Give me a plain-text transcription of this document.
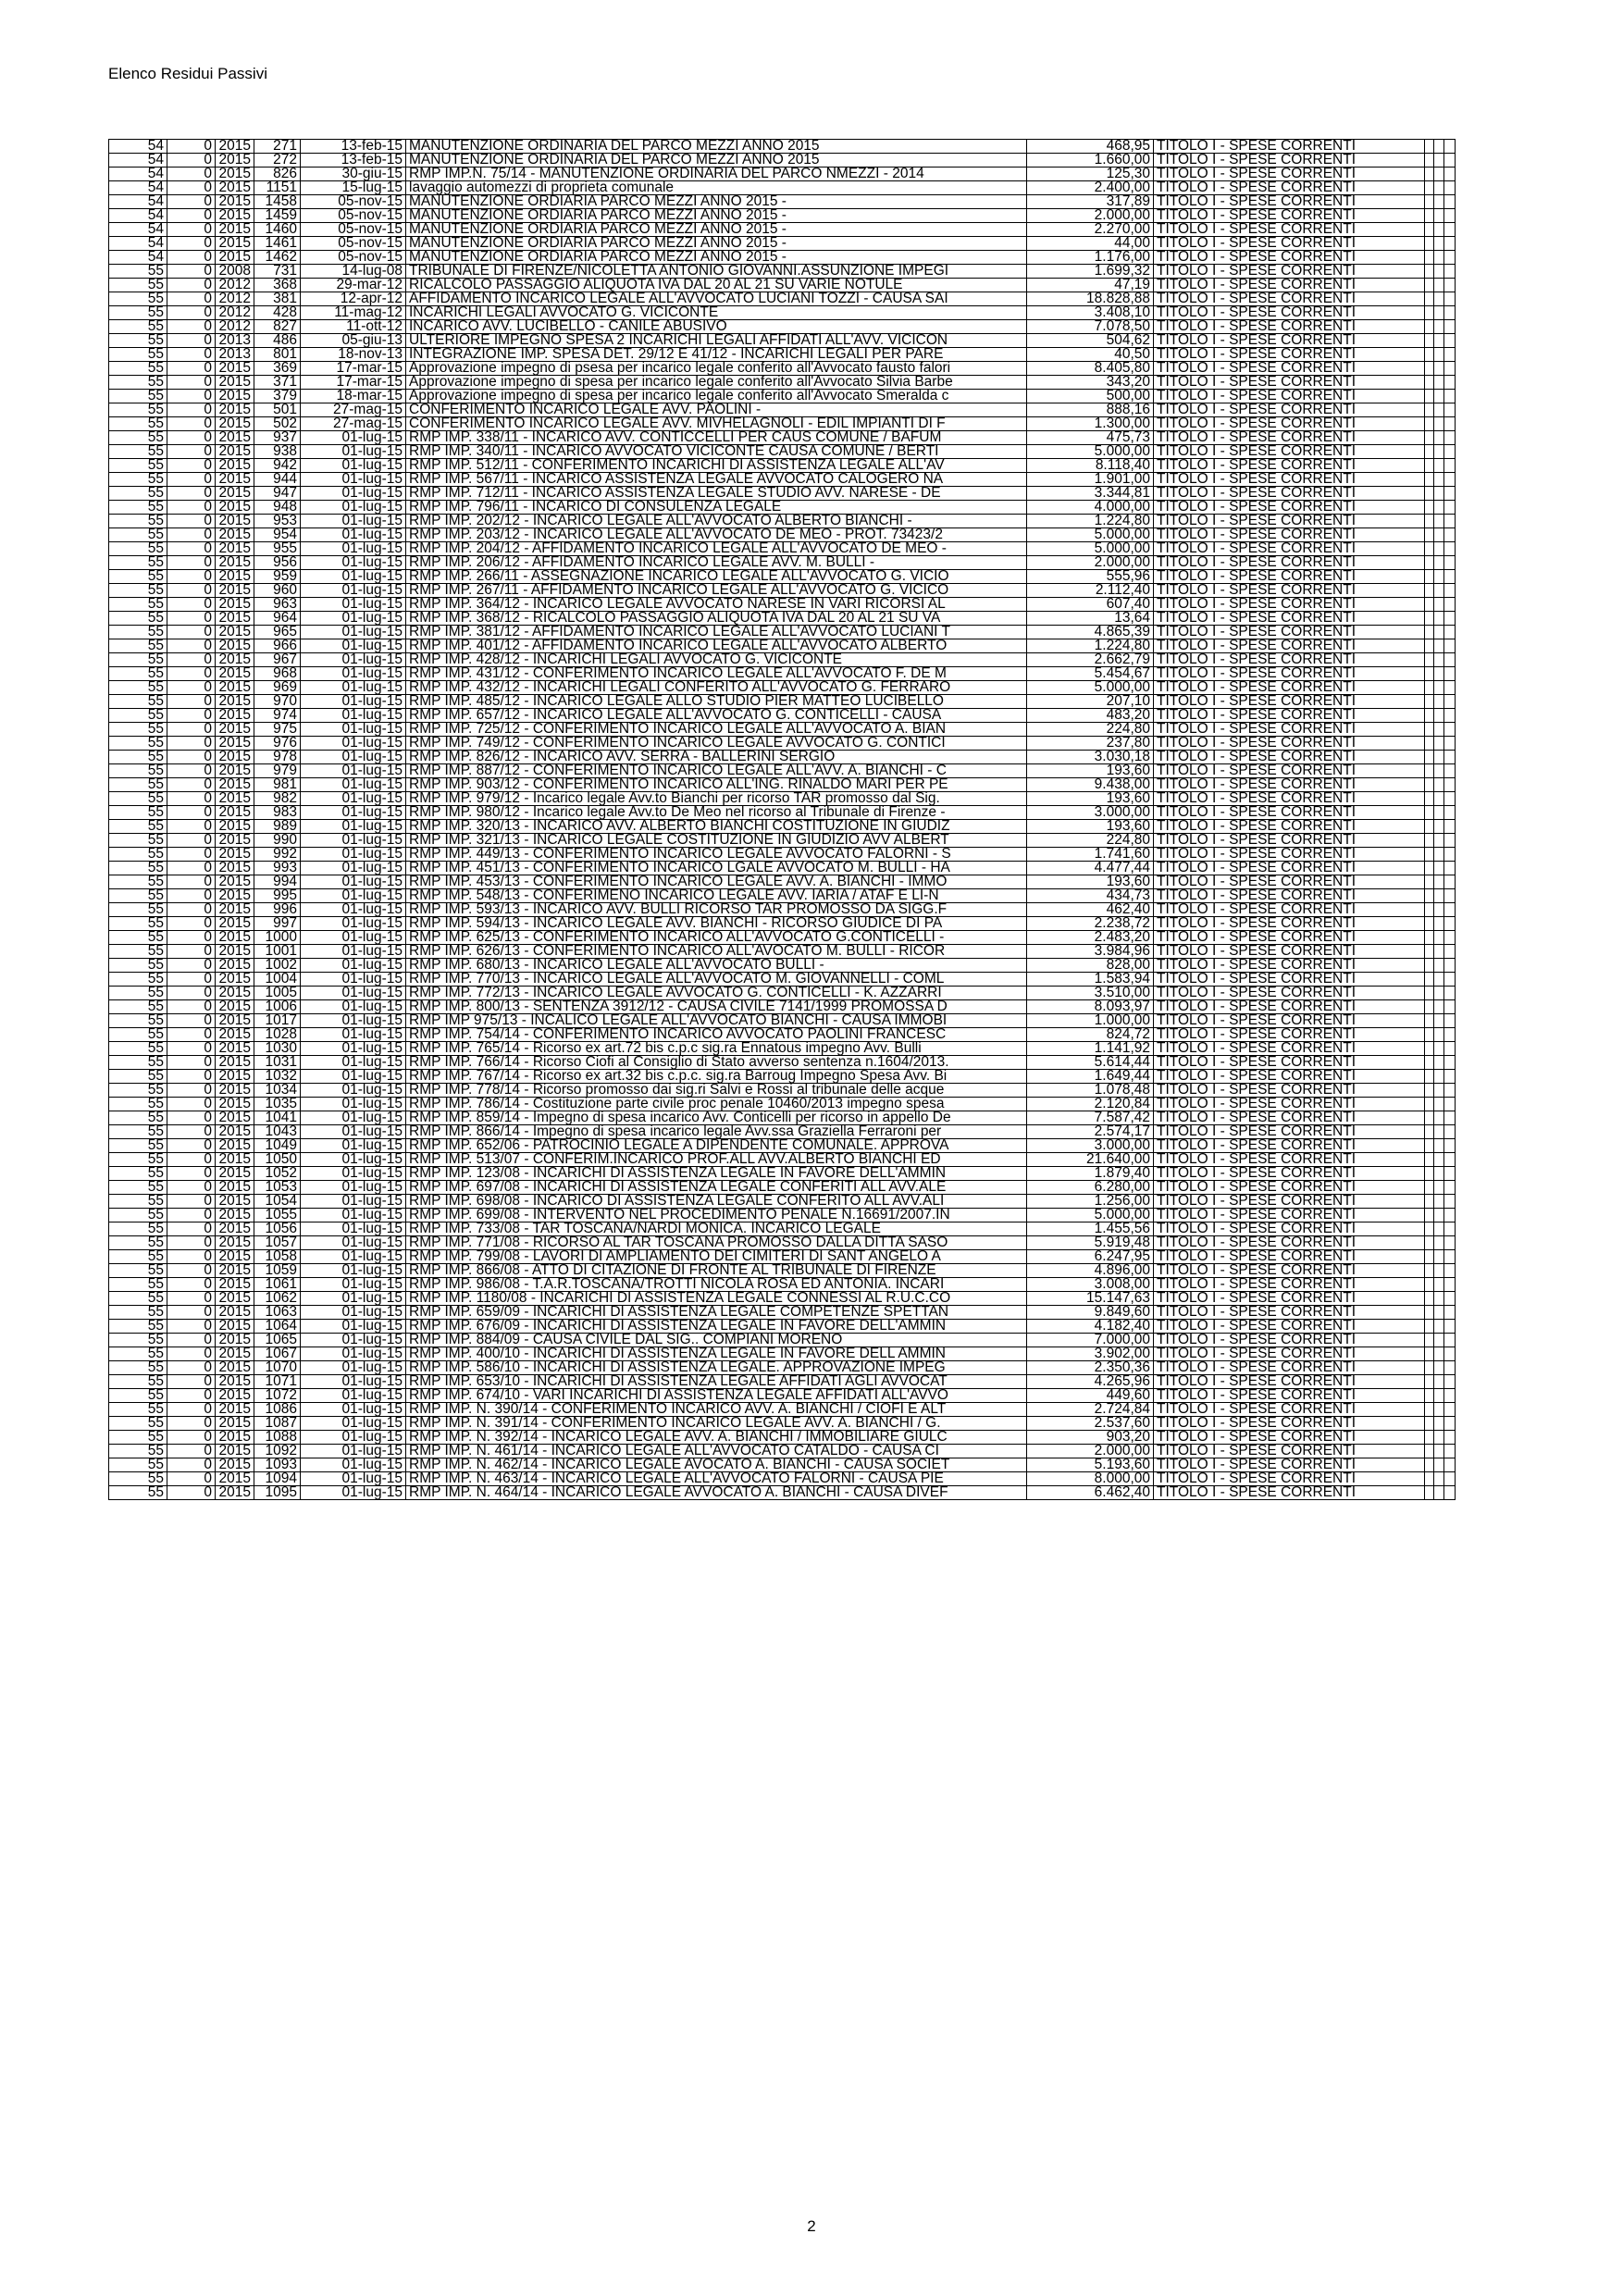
Elenco Residui Passivi
54	0	2015	271	13-feb-15	MANUTENZIONE ORDINARIA DEL PARCO MEZZI ANNO 2015	468,95	TITOLO I - SPESE CORRENTI			
54	0	2015	272	13-feb-15	MANUTENZIONE ORDINARIA DEL PARCO MEZZI ANNO 2015	1.660,00	TITOLO I - SPESE CORRENTI			
54	0	2015	826	30-giu-15	RMP IMP.N. 75/14 - MANUTENZIONE ORDINARIA DEL PARCO NMEZZI - 2014	125,30	TITOLO I - SPESE CORRENTI			
54	0	2015	1151	15-lug-15	lavaggio automezzi di proprieta comunale	2.400,00	TITOLO I - SPESE CORRENTI			
54	0	2015	1458	05-nov-15	MANUTENZIONE ORDIARIA PARCO MEZZI ANNO 2015 -	317,89	TITOLO I - SPESE CORRENTI			
54	0	2015	1459	05-nov-15	MANUTENZIONE ORDIARIA PARCO MEZZI ANNO 2015 -	2.000,00	TITOLO I - SPESE CORRENTI			
54	0	2015	1460	05-nov-15	MANUTENZIONE ORDIARIA PARCO MEZZI ANNO 2015 -	2.270,00	TITOLO I - SPESE CORRENTI			
54	0	2015	1461	05-nov-15	MANUTENZIONE ORDIARIA PARCO MEZZI ANNO 2015 -	44,00	TITOLO I - SPESE CORRENTI			
54	0	2015	1462	05-nov-15	MANUTENZIONE ORDIARIA PARCO MEZZI ANNO 2015 -	1.176,00	TITOLO I - SPESE CORRENTI			
55	0	2008	731	14-lug-08	TRIBUNALE DI FIRENZE/NICOLETTA ANTONIO GIOVANNI.ASSUNZIONE IMPEGI	1.699,32	TITOLO I - SPESE CORRENTI			
55	0	2012	368	29-mar-12	RICALCOLO PASSAGGIO ALIQUOTA IVA DAL 20 AL 21 SU VARIE NOTULE	47,19	TITOLO I - SPESE CORRENTI			
55	0	2012	381	12-apr-12	AFFIDAMENTO INCARICO LEGALE ALL'AVVOCATO LUCIANI TOZZI - CAUSA SAI	18.828,88	TITOLO I - SPESE CORRENTI			
55	0	2012	428	11-mag-12	INCARICHI LEGALI AVVOCATO G. VICICONTE	3.408,10	TITOLO I - SPESE CORRENTI			
55	0	2012	827	11-ott-12	INCARICO AVV. LUCIBELLO - CANILE ABUSIVO	7.078,50	TITOLO I - SPESE CORRENTI			
55	0	2013	486	05-giu-13	ULTERIORE IMPEGNO SPESA 2 INCARICHI LEGALI AFFIDATI ALL'AVV. VICICON	504,62	TITOLO I - SPESE CORRENTI			
55	0	2013	801	18-nov-13	INTEGRAZIONE IMP. SPESA DET. 29/12 E 41/12 - INCARICHI LEGALI PER PARE	40,50	TITOLO I - SPESE CORRENTI			
55	0	2015	369	17-mar-15	Approvazione impegno di psesa per incarico legale conferito all'Avvocato fausto falori	8.405,80	TITOLO I - SPESE CORRENTI			
55	0	2015	371	17-mar-15	Approvazione impegno di spesa per incarico legale conferito all'Avvocato Silvia Barbe	343,20	TITOLO I - SPESE CORRENTI			
55	0	2015	379	18-mar-15	Approvazione impegno di spesa per incarico legale conferito all'Avvocato Smeralda c	500,00	TITOLO I - SPESE CORRENTI			
55	0	2015	501	27-mag-15	CONFERIMENTO INCARICO LEGALE AVV. PAOLINI -	888,16	TITOLO I - SPESE CORRENTI			
55	0	2015	502	27-mag-15	CONFERIMENTO INCARICO LEGALE AVV. MIVHELAGNOLI - EDIL IMPIANTI DI F	1.300,00	TITOLO I - SPESE CORRENTI			
55	0	2015	937	01-lug-15	RMP IMP. 338/11 - INCARICO AVV. CONTICCELLI PER CAUS COMUNE / BAFUM	475,73	TITOLO I - SPESE CORRENTI			
55	0	2015	938	01-lug-15	RMP IMP. 340/11 - INCARICO AVVOCATO VICICONTE CAUSA COMUNE / BERTI	5.000,00	TITOLO I - SPESE CORRENTI			
55	0	2015	942	01-lug-15	RMP IMP. 512/11 - CONFERIMENTO INCARICHI DI ASSISTENZA LEGALE ALL'AV	8.118,40	TITOLO I - SPESE CORRENTI			
55	0	2015	944	01-lug-15	RMP IMP. 567/11 - INCARICO ASSISTENZA LEGALE AVVOCATO CALOGERO NA	1.901,00	TITOLO I - SPESE CORRENTI			
55	0	2015	947	01-lug-15	RMP IMP. 712/11 - INCARICO ASSISTENZA LEGALE STUDIO AVV. NARESE - DE	3.344,81	TITOLO I - SPESE CORRENTI			
55	0	2015	948	01-lug-15	RMP IMP. 796/11 - INCARICO DI CONSULENZA LEGALE	4.000,00	TITOLO I - SPESE CORRENTI			
55	0	2015	953	01-lug-15	RMP IMP. 202/12 - INCARICO LEGALE ALL'AVVOCATO ALBERTO BIANCHI -	1.224,80	TITOLO I - SPESE CORRENTI			
55	0	2015	954	01-lug-15	RMP IMP. 203/12 - INCARICO LEGALE ALL'AVVOCATO DE MEO - PROT. 73423/2	5.000,00	TITOLO I - SPESE CORRENTI			
55	0	2015	955	01-lug-15	RMP IMP. 204/12 - AFFIDAMENTO INCARICO LEGALE ALL'AVVOCATO DE MEO -	5.000,00	TITOLO I - SPESE CORRENTI			
55	0	2015	956	01-lug-15	RMP IMP. 206/12 - AFFIDAMENTO INCARICO LEGALE AVV. M. BULLI -	2.000,00	TITOLO I - SPESE CORRENTI			
55	0	2015	959	01-lug-15	RMP IMP. 266/11 - ASSEGNAZIONE INCARICO LEGALE ALL'AVVOCATO G. VICIO	555,96	TITOLO I - SPESE CORRENTI			
55	0	2015	960	01-lug-15	RMP IMP. 267/11 - AFFIDAMENTO INCARICO LEGALE ALL'AVVOCATO G. VICICO	2.112,40	TITOLO I - SPESE CORRENTI			
55	0	2015	963	01-lug-15	RMP IMP. 364/12 - INCARICO LEGALE AVVOCATO NARESE IN VARI RICORSI AL	607,40	TITOLO I - SPESE CORRENTI			
55	0	2015	964	01-lug-15	RMP IMP. 368/12 - RICALCOLO PASSAGGIO ALIQUOTA IVA DAL 20 AL 21 SU VA	13,64	TITOLO I - SPESE CORRENTI			
55	0	2015	965	01-lug-15	RMP IMP. 381/12 - AFFIDAMENTO INCARICO LEGALE ALL'AVVOCATO LUCIANI T	4.865,39	TITOLO I - SPESE CORRENTI			
55	0	2015	966	01-lug-15	RMP IMP. 401/12 - AFFIDAMENTO INCARICO LEGALE ALL'AVVOCATO ALBERTO	1.224,80	TITOLO I - SPESE CORRENTI			
55	0	2015	967	01-lug-15	RMP IMP. 428/12 - INCARICHI LEGALI AVVOCATO G. VICICONTE	2.662,79	TITOLO I - SPESE CORRENTI			
55	0	2015	968	01-lug-15	RMP IMP. 431/12 - CONFERIMENTO INCARICO LEGALE ALL'AVVOCATO F. DE M	5.454,67	TITOLO I - SPESE CORRENTI			
55	0	2015	969	01-lug-15	RMP IMP. 432/12 - INCARICHI LEGALI CONFERITO ALL'AVVOCATO G. FERRARO	5.000,00	TITOLO I - SPESE CORRENTI			
55	0	2015	970	01-lug-15	RMP IMP. 485/12 - INCARICO LEGALE ALLO STUDIO PIER MATTEO LUCIBELLO	207,10	TITOLO I - SPESE CORRENTI			
55	0	2015	974	01-lug-15	RMP IMP. 657/12 - INCARICO LEGALE ALL'AVVOCATO G. CONTICELLI - CAUSA	483,20	TITOLO I - SPESE CORRENTI			
55	0	2015	975	01-lug-15	RMP IMP. 725/12 - CONFERIMENTO INCARICO LEGALE ALL'AVVOCATO A. BIAN	224,80	TITOLO I - SPESE CORRENTI			
55	0	2015	976	01-lug-15	RMP IMP. 749/12 - CONFERIMENTO INCARICO LEGALE AVVOCATO G. CONTICI	237,80	TITOLO I - SPESE CORRENTI			
55	0	2015	978	01-lug-15	RMP IMP. 826/12 - INCARICO AVV. SERRA - BALLERINI SERGIO	3.030,18	TITOLO I - SPESE CORRENTI			
55	0	2015	979	01-lug-15	RMP IMP. 887/12 - CONFERIMENTO INCARICO LEGALE ALL'AVV. A. BIANCHI - C	193,60	TITOLO I - SPESE CORRENTI			
55	0	2015	981	01-lug-15	RMP IMP. 903/12 - CONFERIMENTO INCARICO ALL'ING. RINALDO MARI PER PE	9.438,00	TITOLO I - SPESE CORRENTI			
55	0	2015	982	01-lug-15	RMP IMP. 979/12 - Incarico legale Avv.to Bianchi per ricorso TAR promosso dal Sig.	193,60	TITOLO I - SPESE CORRENTI			
55	0	2015	983	01-lug-15	RMP IMP. 980/12 - Incarico legale Avv.to De Meo nel ricorso al Tribunale di Firenze -	3.000,00	TITOLO I - SPESE CORRENTI			
55	0	2015	989	01-lug-15	RMP IMP. 320/13 - INCARICO AVV. ALBERTO BIANCHI COSTITUZIONE IN GIUDIZ	193,60	TITOLO I - SPESE CORRENTI			
55	0	2015	990	01-lug-15	RMP IMP. 321/13 - INCARICO LEGALE COSTITUZIONE IN GIUDIZIO AVV ALBERT	224,80	TITOLO I - SPESE CORRENTI			
55	0	2015	992	01-lug-15	RMP IMP. 449/13 - CONFERIMENTO INCARICO LEGALE AVVOCATO FALORNI - S	1.741,60	TITOLO I - SPESE CORRENTI			
55	0	2015	993	01-lug-15	RMP IMP. 451/13 - CONFERIMENTO INCARICO LGALE AVVOCATO M. BULLI - HA	4.477,44	TITOLO I - SPESE CORRENTI			
55	0	2015	994	01-lug-15	RMP IMP. 453/13 - CONFERIMENTO INCARICO LEGALE AVV. A. BIANCHI - IMMO	193,60	TITOLO I - SPESE CORRENTI			
55	0	2015	995	01-lug-15	RMP IMP. 548/13 - CONFERIMENO INCARICO LEGALE AVV. IARIA / ATAF E LI-N	434,73	TITOLO I - SPESE CORRENTI			
55	0	2015	996	01-lug-15	RMP IMP. 593/13 - INCARICO AVV. BULLI RICORSO TAR PROMOSSO DA SIGG.F	462,40	TITOLO I - SPESE CORRENTI			
55	0	2015	997	01-lug-15	RMP IMP. 594/13 - INCARICO LEGALE AVV. BIANCHI - RICORSO GIUDICE DI PA	2.238,72	TITOLO I - SPESE CORRENTI			
55	0	2015	1000	01-lug-15	RMP IMP. 625/13 - CONFERIMENTO INCARICO ALL'AVVOCATO G.CONTICELLI -	2.483,20	TITOLO I - SPESE CORRENTI			
55	0	2015	1001	01-lug-15	RMP IMP. 626/13 - CONFERIMENTO INCARICO ALL'AVOCATO M. BULLI - RICOR	3.984,96	TITOLO I - SPESE CORRENTI			
55	0	2015	1002	01-lug-15	RMP IMP. 680/13 - INCARICO LEGALE ALL'AVVOCATO BULLI -	828,00	TITOLO I - SPESE CORRENTI			
55	0	2015	1004	01-lug-15	RMP IMP. 770/13 - INCARICO LEGALE ALL'AVVOCATO M. GIOVANNELLI - COML	1.583,94	TITOLO I - SPESE CORRENTI			
55	0	2015	1005	01-lug-15	RMP IMP. 772/13 - INCARICO LEGALE AVVOCATO G. CONTICELLI - K. AZZARRI	3.510,00	TITOLO I - SPESE CORRENTI			
55	0	2015	1006	01-lug-15	RMP IMP. 800/13 - SENTENZA 3912/12 - CAUSA CIVILE 7141/1999 PROMOSSA D	8.093,97	TITOLO I - SPESE CORRENTI			
55	0	2015	1017	01-lug-15	RMP IMP 975/13 - INCALICO LEGALE ALL'AVVOCATO BIANCHI - CAUSA IMMOBI	1.000,00	TITOLO I - SPESE CORRENTI			
55	0	2015	1028	01-lug-15	RMP IMP. 754/14 - CONFERIMENTO INCARICO AVVOCATO PAOLINI FRANCESC	824,72	TITOLO I - SPESE CORRENTI			
55	0	2015	1030	01-lug-15	RMP IMP. 765/14 - Ricorso ex art.72 bis c.p.c sig.ra Ennatous impegno Avv. Bulli	1.141,92	TITOLO I - SPESE CORRENTI			
55	0	2015	1031	01-lug-15	RMP IMP. 766/14 - Ricorso Ciofi al Consiglio di Stato avverso sentenza n.1604/2013.	5.614,44	TITOLO I - SPESE CORRENTI			
55	0	2015	1032	01-lug-15	RMP IMP. 767/14 - Ricorso ex art.32 bis c.p.c. sig.ra Barroug Impegno Spesa Avv. Bi	1.649,44	TITOLO I - SPESE CORRENTI			
55	0	2015	1034	01-lug-15	RMP IMP. 778/14 - Ricorso promosso dai sig.ri Salvi e Rossi al tribunale delle acque	1.078,48	TITOLO I - SPESE CORRENTI			
55	0	2015	1035	01-lug-15	RMP IMP. 786/14 - Costituzione parte civile proc penale 10460/2013 impegno spesa	2.120,84	TITOLO I - SPESE CORRENTI			
55	0	2015	1041	01-lug-15	RMP IMP. 859/14 - Impegno di spesa incarico Avv. Conticelli per ricorso in appello De	7.587,42	TITOLO I - SPESE CORRENTI			
55	0	2015	1043	01-lug-15	RMP IMP. 866/14 - Impegno di spesa incarico legale Avv.ssa Graziella Ferraroni per	2.574,17	TITOLO I - SPESE CORRENTI			
55	0	2015	1049	01-lug-15	RMP IMP. 652/06 - PATROCINIO LEGALE A DIPENDENTE COMUNALE. APPROVA	3.000,00	TITOLO I - SPESE CORRENTI			
55	0	2015	1050	01-lug-15	RMP IMP. 513/07 - CONFERIM.INCARICO PROF.ALL AVV.ALBERTO BIANCHI ED	21.640,00	TITOLO I - SPESE CORRENTI			
55	0	2015	1052	01-lug-15	RMP IMP. 123/08 - INCARICHI DI ASSISTENZA LEGALE IN FAVORE DELL'AMMIN	1.879,40	TITOLO I - SPESE CORRENTI			
55	0	2015	1053	01-lug-15	RMP IMP. 697/08 - INCARICHI DI ASSISTENZA LEGALE CONFERITI ALL AVV.ALE	6.280,00	TITOLO I - SPESE CORRENTI			
55	0	2015	1054	01-lug-15	RMP IMP. 698/08 - INCARICO DI ASSISTENZA LEGALE CONFERITO ALL AVV.ALI	1.256,00	TITOLO I - SPESE CORRENTI			
55	0	2015	1055	01-lug-15	RMP IMP. 699/08 - INTERVENTO NEL PROCEDIMENTO PENALE N.16691/2007.IN	5.000,00	TITOLO I - SPESE CORRENTI			
55	0	2015	1056	01-lug-15	RMP IMP. 733/08 - TAR TOSCANA/NARDI MONICA. INCARICO LEGALE	1.455,56	TITOLO I - SPESE CORRENTI			
55	0	2015	1057	01-lug-15	RMP IMP. 771/08 - RICORSO AL TAR TOSCANA PROMOSSO DALLA DITTA SASO	5.919,48	TITOLO I - SPESE CORRENTI			
55	0	2015	1058	01-lug-15	RMP IMP. 799/08 - LAVORI DI AMPLIAMENTO DEI CIMITERI DI SANT ANGELO A	6.247,95	TITOLO I - SPESE CORRENTI			
55	0	2015	1059	01-lug-15	RMP IMP. 866/08 - ATTO DI CITAZIONE DI FRONTE AL TRIBUNALE DI FIRENZE	4.896,00	TITOLO I - SPESE CORRENTI			
55	0	2015	1061	01-lug-15	RMP IMP. 986/08 - T.A.R.TOSCANA/TROTTI NICOLA ROSA ED ANTONIA. INCARI	3.008,00	TITOLO I - SPESE CORRENTI			
55	0	2015	1062	01-lug-15	RMP IMP. 1180/08 - INCARICHI DI ASSISTENZA LEGALE CONNESSI AL R.U.C.CO	15.147,63	TITOLO I - SPESE CORRENTI			
55	0	2015	1063	01-lug-15	RMP IMP. 659/09 - INCARICHI DI ASSISTENZA LEGALE COMPETENZE SPETTAN	9.849,60	TITOLO I - SPESE CORRENTI			
55	0	2015	1064	01-lug-15	RMP IMP. 676/09 - INCARICHI DI ASSISTENZA LEGALE IN FAVORE DELL'AMMIN	4.182,40	TITOLO I - SPESE CORRENTI			
55	0	2015	1065	01-lug-15	RMP IMP. 884/09 - CAUSA CIVILE DAL SIG.. COMPIANI MORENO	7.000,00	TITOLO I - SPESE CORRENTI			
55	0	2015	1067	01-lug-15	RMP IMP. 400/10 - INCARICHI DI ASSISTENZA LEGALE IN FAVORE DELL AMMIN	3.902,00	TITOLO I - SPESE CORRENTI			
55	0	2015	1070	01-lug-15	RMP IMP. 586/10 - INCARICHI DI ASSISTENZA LEGALE. APPROVAZIONE IMPEG	2.350,36	TITOLO I - SPESE CORRENTI			
55	0	2015	1071	01-lug-15	RMP IMP. 653/10 - INCARICHI DI ASSISTENZA LEGALE AFFIDATI AGLI AVVOCAT	4.265,96	TITOLO I - SPESE CORRENTI			
55	0	2015	1072	01-lug-15	RMP IMP. 674/10 - VARI INCARICHI DI ASSISTENZA LEGALE AFFIDATI ALL'AVVO	449,60	TITOLO I - SPESE CORRENTI			
55	0	2015	1086	01-lug-15	RMP IMP. N. 390/14 - CONFERIMENTO INCARICO AVV. A. BIANCHI / CIOFI E ALT	2.724,84	TITOLO I - SPESE CORRENTI			
55	0	2015	1087	01-lug-15	RMP IMP. N. 391/14 - CONFERIMENTO INCARICO LEGALE AVV. A. BIANCHI / G.	2.537,60	TITOLO I - SPESE CORRENTI			
55	0	2015	1088	01-lug-15	RMP IMP. N. 392/14 - INCARICO LEGALE AVV. A. BIANCHI / IMMOBILIARE GIULC	903,20	TITOLO I - SPESE CORRENTI			
55	0	2015	1092	01-lug-15	RMP IMP. N. 461/14 - INCARICO LEGALE ALL'AVVOCATO CATALDO - CAUSA CI	2.000,00	TITOLO I - SPESE CORRENTI			
55	0	2015	1093	01-lug-15	RMP IMP. N. 462/14 - INCARICO LEGALE AVOCATO A. BIANCHI - CAUSA SOCIET	5.193,60	TITOLO I - SPESE CORRENTI			
55	0	2015	1094	01-lug-15	RMP IMP. N. 463/14 - INCARICO LEGALE ALL'AVVOCATO FALORNI - CAUSA PIE	8.000,00	TITOLO I - SPESE CORRENTI			
55	0	2015	1095	01-lug-15	RMP IMP. N. 464/14 - INCARICO LEGALE AVVOCATO A. BIANCHI - CAUSA DIVEF	6.462,40	TITOLO I - SPESE CORRENTI			
2
